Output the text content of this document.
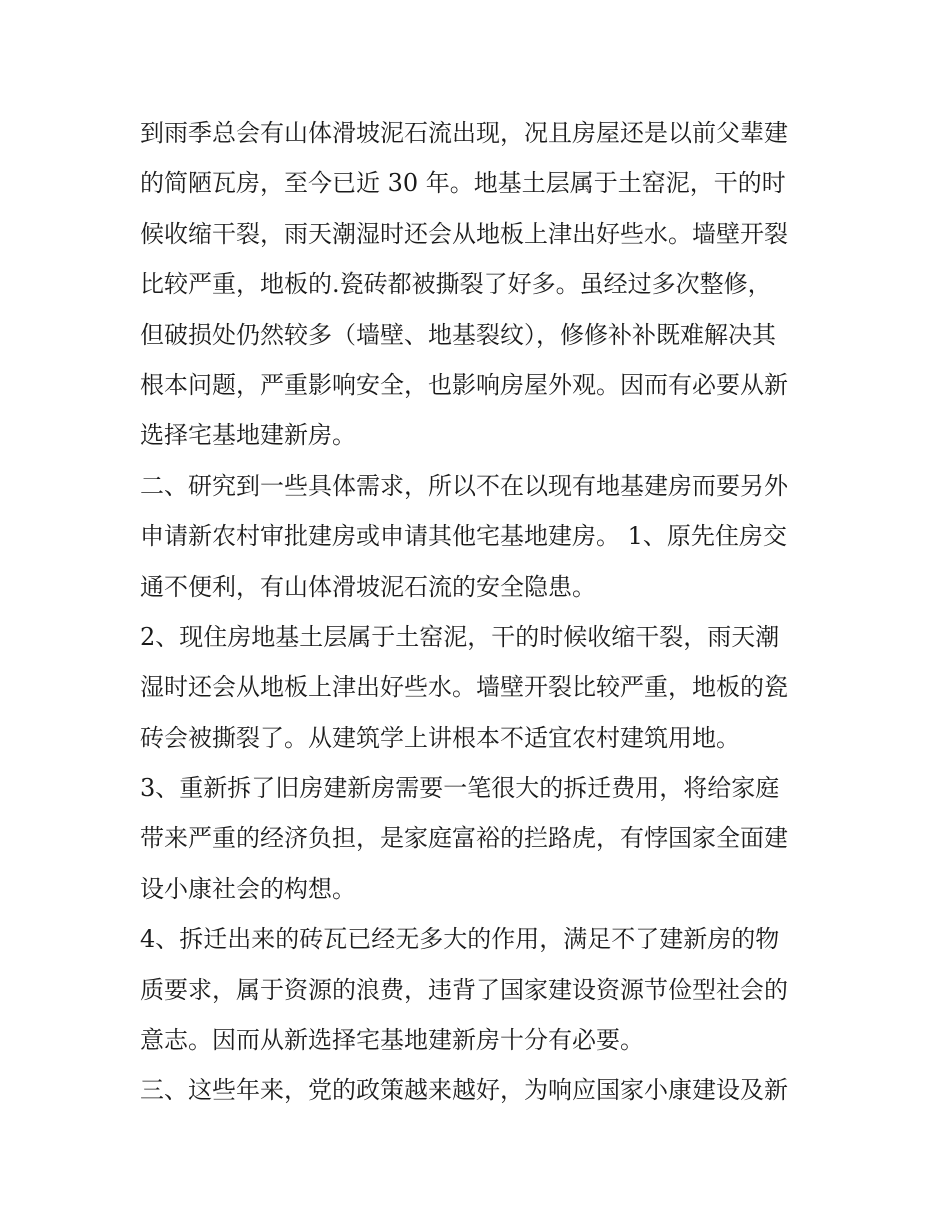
到雨季总会有山体滑坡泥石流出现，况且房屋还是以前父辈建
的简陋瓦房，至今已近 30 年。地基土层属于土窑泥，干的时
候收缩干裂，雨天潮湿时还会从地板上津出好些水。墙壁开裂
比较严重，地板的.瓷砖都被撕裂了好多。虽经过多次整修，
但破损处仍然较多（墙壁、地基裂纹），修修补补既难解决其
根本问题，严重影响安全，也影响房屋外观。因而有必要从新
选择宅基地建新房。
二、研究到一些具体需求，所以不在以现有地基建房而要另外
申请新农村审批建房或申请其他宅基地建房。 1、原先住房交
通不便利，有山体滑坡泥石流的安全隐患。
2、现住房地基土层属于土窑泥，干的时候收缩干裂，雨天潮
湿时还会从地板上津出好些水。墙壁开裂比较严重，地板的瓷
砖会被撕裂了。从建筑学上讲根本不适宜农村建筑用地。
3、重新拆了旧房建新房需要一笔很大的拆迁费用，将给家庭
带来严重的经济负担，是家庭富裕的拦路虎，有悖国家全面建
设小康社会的构想。
4、拆迁出来的砖瓦已经无多大的作用，满足不了建新房的物
质要求，属于资源的浪费，违背了国家建设资源节俭型社会的
意志。因而从新选择宅基地建新房十分有必要。
三、这些年来，党的政策越来越好，为响应国家小康建设及新
